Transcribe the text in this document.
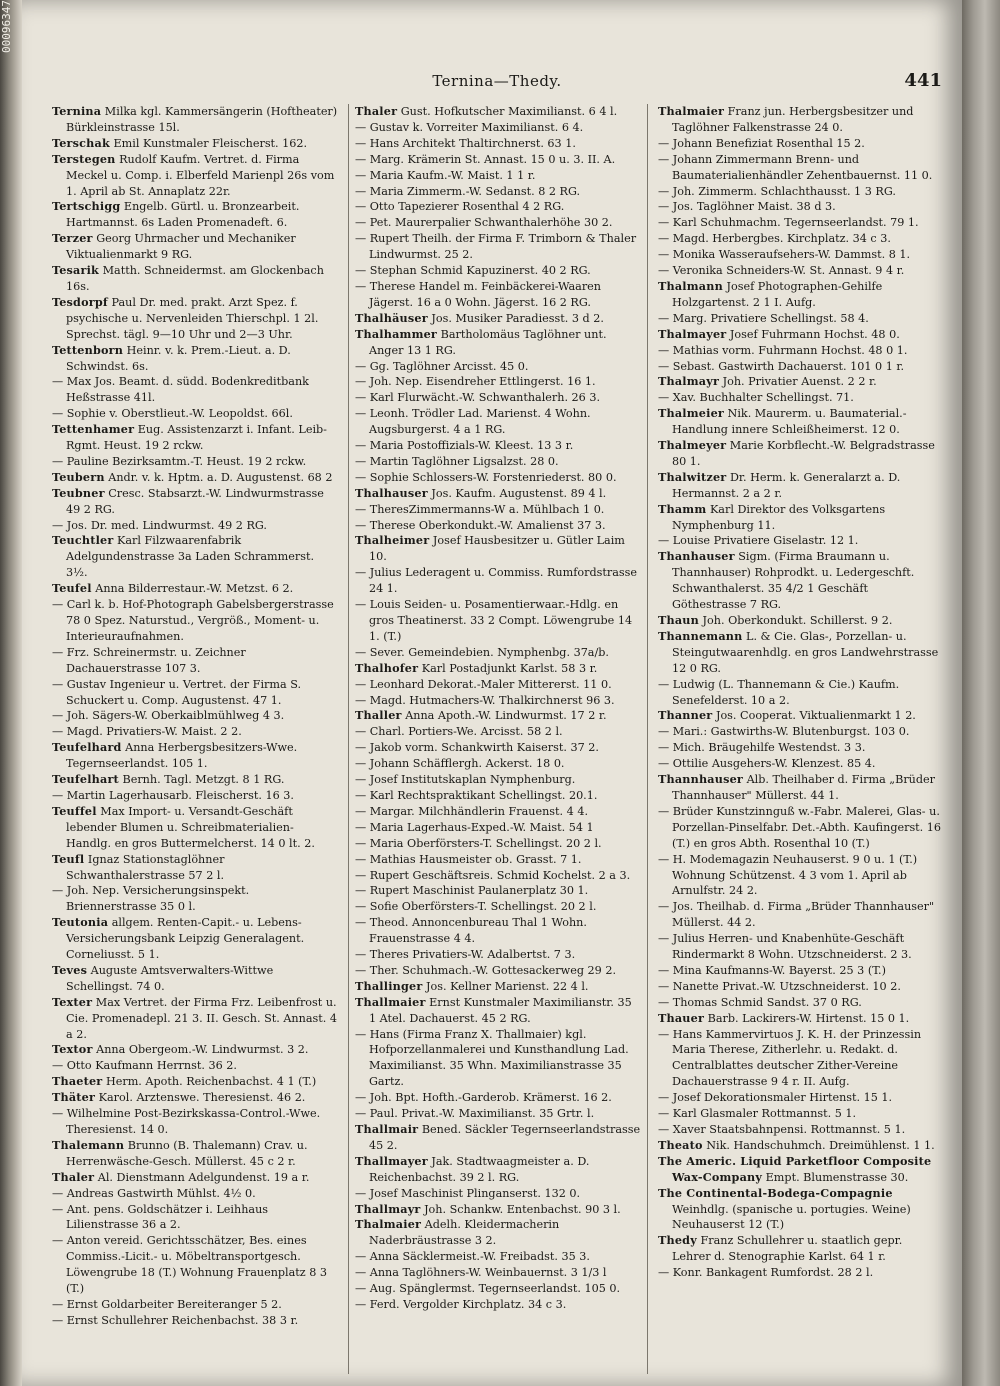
00096347
Ternina—Thedy.	441

Ternina Milka kgl. Kammersängerin (Hoftheater) Bürkleinstrasse 15l.

Terschak Emil Kunstmaler Fleischerst. 162.

Terstegen Rudolf Kaufm. Vertret. d. Firma Meckel u. Comp. i. Elberfeld Marienpl 26s vom 1. April ab St. Annaplatz 22r.

Tertschigg Engelb. Gürtl. u. Bronzearbeit. Hartmannst. 6s Laden Promenadeft. 6.

Terzer Georg Uhrmacher und Mechaniker Viktualienmarkt 9 RG.

Tesarik Matth. Schneidermst. am Glockenbach 16s.

Tesdorpf Paul Dr. med. prakt. Arzt Spez. f. psychische u. Nervenleiden Thierschpl. 1 2l. Sprechst. tägl. 9—10 Uhr und 2—3 Uhr.

Tettenborn Heinr. v. k. Prem.-Lieut. a. D. Schwindst. 6s.

— Max Jos. Beamt. d. südd. Bodenkreditbank Heßstrasse 41l.

— Sophie v. Oberstlieut.-W. Leopoldst. 66l.

Tettenhamer Eug. Assistenzarzt i. Infant. Leib-Rgmt. Heust. 19 2 rckw.

— Pauline Bezirksamtm.-T. Heust. 19 2 rckw.

Teubern Andr. v. k. Hptm. a. D. Augustenst. 68 2

Teubner Cresc. Stabsarzt.-W. Lindwurmstrasse 49 2 RG.

— Jos. Dr. med. Lindwurmst. 49 2 RG.

Teuchtler Karl Filzwaarenfabrik Adelgundenstrasse 3a Laden Schrammerst. 3½.

Teufel Anna Bilderrestaur.-W. Metzst. 6 2.

— Carl k. b. Hof-Photograph Gabelsbergerstrasse 78 0 Spez. Naturstud., Vergröß., Moment- u. Interieuraufnahmen.

— Frz. Schreinermstr. u. Zeichner Dachauerstrasse 107 3.

— Gustav Ingenieur u. Vertret. der Firma S. Schuckert u. Comp. Augustenst. 47 1.

— Joh. Sägers-W. Oberkaiblmühlweg 4 3.

— Magd. Privatiers-W. Maist. 2 2.

Teufelhard Anna Herbergsbesitzers-Wwe. Tegernseerlandst. 105 1.

Teufelhart Bernh. Tagl. Metzgt. 8 1 RG.

— Martin Lagerhausarb. Fleischerst. 16 3.

Teuffel Max Import- u. Versandt-Geschäft lebender Blumen u. Schreibmaterialien-Handlg. en gros Buttermelcherst. 14 0 lt. 2.

Teufl Ignaz Stationstaglöhner Schwanthalerstrasse 57 2 l.

— Joh. Nep. Versicherungsinspekt. Briennerstrasse 35 0 l.

Teutonia allgem. Renten-Capit.- u. Lebens-Versicherungsbank Leipzig Generalagent. Corneliusst. 5 1.

Teves Auguste Amtsverwalters-Wittwe Schellingst. 74 0.

Texter Max Vertret. der Firma Frz. Leibenfrost u. Cie. Promenadepl. 21 3. II. Gesch. St. Annast. 4 a 2.

Textor Anna Obergeom.-W. Lindwurmst. 3 2.

— Otto Kaufmann Herrnst. 36 2.

Thaeter Herm. Apoth. Reichenbachst. 4 1 (T.)

Thäter Karol. Arztenswe. Theresienst. 46 2.

— Wilhelmine Post-Bezirkskassa-Control.-Wwe. Theresienst. 14 0.

Thalemann Brunno (B. Thalemann) Crav. u. Herrenwäsche-Gesch. Müllerst. 45 c 2 r.

Thaler Al. Dienstmann Adelgundenst. 19 a r.

— Andreas Gastwirth Mühlst. 4½ 0.

— Ant. pens. Goldschätzer i. Leihhaus Lilienstrasse 36 a 2.

— Anton vereid. Gerichtsschätzer, Bes. eines Commiss.-Licit.- u. Möbeltransportgesch. Löwengrube 18 (T.) Wohnung Frauenplatz 8 3 (T.)

— Ernst Goldarbeiter Bereiteranger 5 2.

— Ernst Schullehrer Reichenbachst. 38 3 r.

Thaler Gust. Hofkutscher Maximilianst. 6 4 l.

— Gustav k. Vorreiter Maximilianst. 6 4.

— Hans Architekt Thaltirchnerst. 63 1.

— Marg. Krämerin St. Annast. 15 0 u. 3. II. A.

— Maria Kaufm.-W. Maist. 1 1 r.

— Maria Zimmerm.-W. Sedanst. 8 2 RG.

— Otto Tapezierer Rosenthal 4 2 RG.

— Pet. Maurerpalier Schwanthalerhöhe 30 2.

— Rupert Theilh. der Firma F. Trimborn & Thaler Lindwurmst. 25 2.

— Stephan Schmid Kapuzinerst. 40 2 RG.

— Therese Handel m. Feinbäckerei-Waaren Jägerst. 16 a 0 Wohn. Jägerst. 16 2 RG.

Thalhäuser Jos. Musiker Paradiesst. 3 d 2.

Thalhammer Bartholomäus Taglöhner unt. Anger 13 1 RG.

— Gg. Taglöhner Arcisst. 45 0.

— Joh. Nep. Eisendreher Ettlingerst. 16 1.

— Karl Flurwächt.-W. Schwanthalerh. 26 3.

— Leonh. Trödler Lad. Marienst. 4 Wohn. Augsburgerst. 4 a 1 RG.

— Maria Postoffizials-W. Kleest. 13 3 r.

— Martin Taglöhner Ligsalzst. 28 0.

— Sophie Schlossers-W. Forstenriederst. 80 0.

Thalhauser Jos. Kaufm. Augustenst. 89 4 l.

— TheresZimmermanns-W a. Mühlbach 1 0.

— Therese Oberkondukt.-W. Amalienst 37 3.

Thalheimer Josef Hausbesitzer u. Gütler Laim 10.

— Julius Lederagent u. Commiss. Rumfordstrasse 24 1.

— Louis Seiden- u. Posamentierwaar.-Hdlg. en gros Theatinerst. 33 2 Compt. Löwengrube 14 1. (T.)

— Sever. Gemeindebien. Nymphenbg. 37a/b.

Thalhofer Karl Postadjunkt Karlst. 58 3 r.

— Leonhard Dekorat.-Maler Mittererst. 11 0.

— Magd. Hutmachers-W. Thalkirchnerst 96 3.

Thaller Anna Apoth.-W. Lindwurmst. 17 2 r.

— Charl. Portiers-We. Arcisst. 58 2 l.

— Jakob vorm. Schankwirth Kaiserst. 37 2.

— Johann Schäfflergh. Ackerst. 18 0.

— Josef Institutskaplan Nymphenburg.

— Karl Rechtspraktikant Schellingst. 20.1.

— Margar. Milchhändlerin Frauenst. 4 4.

— Maria Lagerhaus-Exped.-W. Maist. 54 1

— Maria Oberförsters-T. Schellingst. 20 2 l.

— Mathias Hausmeister ob. Grasst. 7 1.

— Rupert Geschäftsreis. Schmid Kochelst. 2 a 3.

— Rupert Maschinist Paulanerplatz 30 1.

— Sofie Oberförsters-T. Schellingst. 20 2 l.

— Theod. Annoncenbureau Thal 1 Wohn. Frauenstrasse 4 4.

— Theres Privatiers-W. Adalbertst. 7 3.

— Ther. Schuhmach.-W. Gottesackerweg 29 2.

Thallinger Jos. Kellner Marienst. 22 4 l.

Thallmaier Ernst Kunstmaler Maximilianstr. 35 1 Atel. Dachauerst. 45 2 RG.

— Hans (Firma Franz X. Thallmaier) kgl. Hofporzellanmalerei und Kunsthandlung Lad. Maximilianst. 35 Whn. Maximilianstrasse 35 Gartz.

— Joh. Bpt. Hofth.-Garderob. Krämerst. 16 2.

— Paul. Privat.-W. Maximilianst. 35 Grtr. l.

Thallmair Bened. Säckler Tegernseerlandstrasse 45 2.

Thallmayer Jak. Stadtwaagmeister a. D. Reichenbachst. 39 2 l. RG.

— Josef Maschinist Plinganserst. 132 0.

Thallmayr Joh. Schankw. Entenbachst. 90 3 l.

Thalmaier Adelh. Kleidermacherin Naderbräustrasse 3 2.

— Anna Säcklermeist.-W. Freibadst. 35 3.

— Anna Taglöhners-W. Weinbauernst. 3 1/3 l

— Aug. Spänglermst. Tegernseerlandst. 105 0.

— Ferd. Vergolder Kirchplatz. 34 c 3.

Thalmaier Franz jun. Herbergsbesitzer und Taglöhner Falkenstrasse 24 0.

— Johann Benefiziat Rosenthal 15 2.

— Johann Zimmermann Brenn- und Baumaterialienhändler Zehentbauernst. 11 0.

— Joh. Zimmerm. Schlachthausst. 1 3 RG.

— Jos. Taglöhner Maist. 38 d 3.

— Karl Schuhmachm. Tegernseerlandst. 79 1.

— Magd. Herbergbes. Kirchplatz. 34 c 3.

— Monika Wasseraufsehers-W. Dammst. 8 1.

— Veronika Schneiders-W. St. Annast. 9 4 r.

Thalmann Josef Photographen-Gehilfe Holzgartenst. 2 1 I. Aufg.

— Marg. Privatiere Schellingst. 58 4.

Thalmayer Josef Fuhrmann Hochst. 48 0.

— Mathias vorm. Fuhrmann Hochst. 48 0 1.

— Sebast. Gastwirth Dachauerst. 101 0 1 r.

Thalmayr Joh. Privatier Auenst. 2 2 r.

— Xav. Buchhalter Schellingst. 71.

Thalmeier Nik. Maurerm. u. Baumaterial.-Handlung innere Schleißheimerst. 12 0.

Thalmeyer Marie Korbflecht.-W. Belgradstrasse 80 1.

Thalwitzer Dr. Herm. k. Generalarzt a. D. Hermannst. 2 a 2 r.

Thamm Karl Direktor des Volksgartens Nymphenburg 11.

— Louise Privatiere Giselastr. 12 1.

Thanhauser Sigm. (Firma Braumann u. Thannhauser) Rohprodkt. u. Ledergeschft. Schwanthalerst. 35 4/2 1 Geschäft Göthestrasse 7 RG.

Thaun Joh. Oberkondukt. Schillerst. 9 2.

Thannemann L. & Cie. Glas-, Porzellan- u. Steingutwaarenhdlg. en gros Landwehrstrasse 12 0 RG.

— Ludwig (L. Thannemann & Cie.) Kaufm. Senefelderst. 10 a 2.

Thanner Jos. Cooperat. Viktualienmarkt 1 2.

— Mari.: Gastwirths-W. Blutenburgst. 103 0.

— Mich. Bräugehilfe Westendst. 3 3.

— Ottilie Ausgehers-W. Klenzest. 85 4.

Thannhauser Alb. Theilhaber d. Firma „Brüder Thannhauser" Müllerst. 44 1.

— Brüder Kunstzinnguß w.-Fabr. Malerei, Glas- u. Porzellan-Pinselfabr. Det.-Abth. Kaufingerst. 16 (T.) en gros Abth. Rosenthal 10 (T.)

— H. Modemagazin Neuhauserst. 9 0 u. 1 (T.) Wohnung Schützenst. 4 3 vom 1. April ab Arnulfstr. 24 2.

— Jos. Theilhab. d. Firma „Brüder Thannhauser" Müllerst. 44 2.

— Julius Herren- und Knabenhüte-Geschäft Rindermarkt 8 Wohn. Utzschneiderst. 2 3.

— Mina Kaufmanns-W. Bayerst. 25 3 (T.)

— Nanette Privat.-W. Utzschneiderst. 10 2.

— Thomas Schmid Sandst. 37 0 RG.

Thauer Barb. Lackirers-W. Hirtenst. 15 0 1.

— Hans Kammervirtuos J. K. H. der Prinzessin Maria Therese, Zitherlehr. u. Redakt. d. Centralblattes deutscher Zither-Vereine Dachauerstrasse 9 4 r. II. Aufg.

— Josef Dekorationsmaler Hirtenst. 15 1.

— Karl Glasmaler Rottmannst. 5 1.

— Xaver Staatsbahnpensi. Rottmannst. 5 1.

Theato Nik. Handschuhmch. Dreimühlenst. 1 1.

The Americ. Liquid Parketfloor Composite Wax-Company Empt. Blumenstrasse 30.

The Continental-Bodega-Compagnie Weinhdlg. (spanische u. portugies. Weine) Neuhauserst 12 (T.)

Thedy Franz Schullehrer u. staatlich gepr. Lehrer d. Stenographie Karlst. 64 1 r.

— Konr. Bankagent Rumfordst. 28 2 l.
